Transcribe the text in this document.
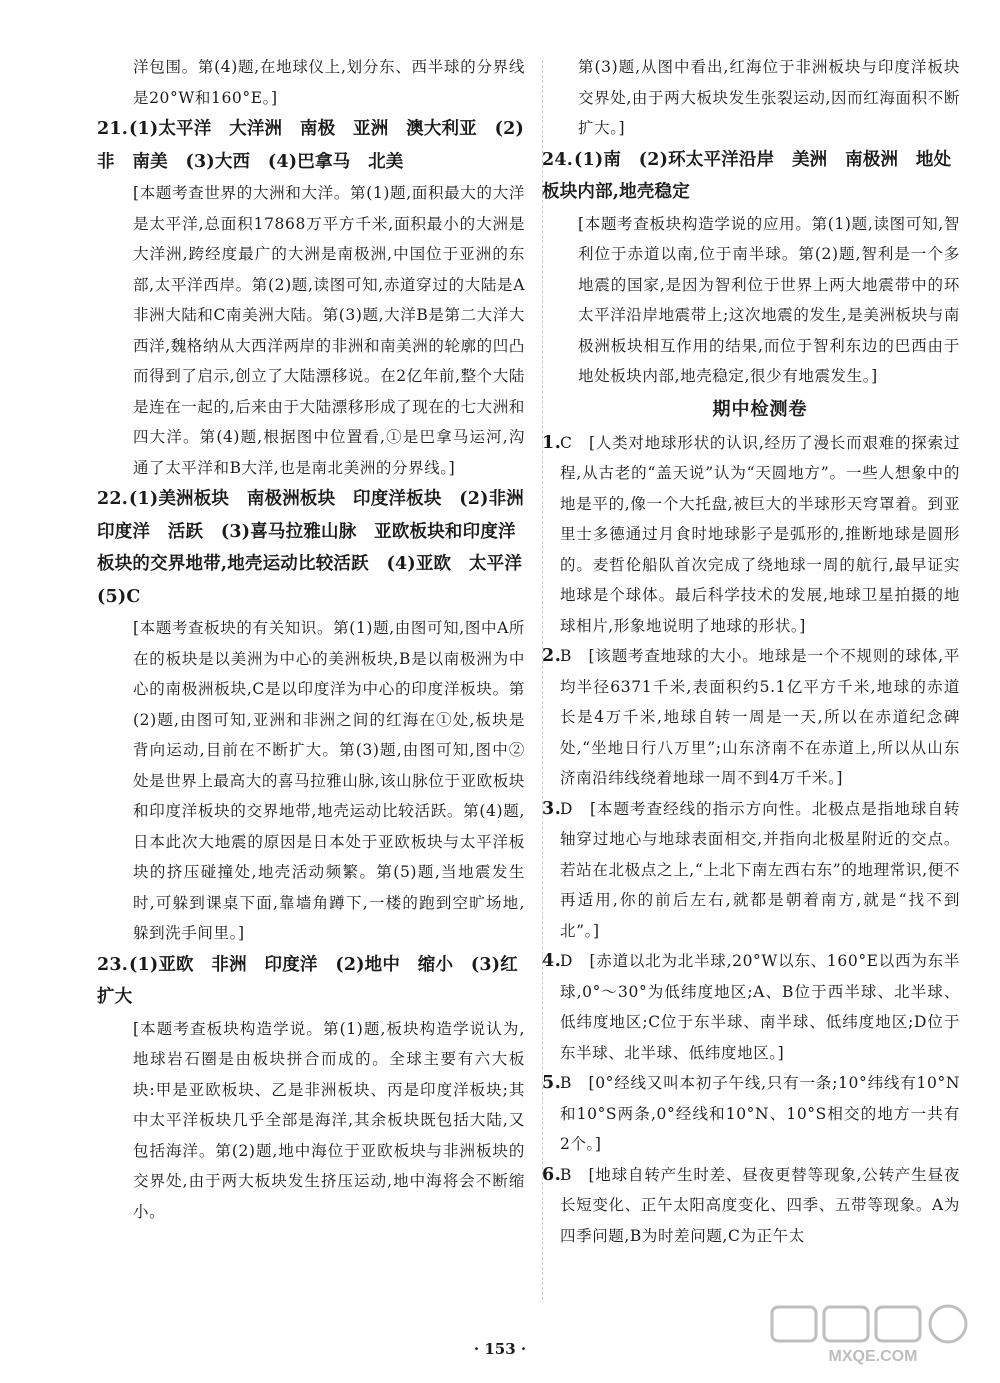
洋包围。第(4)题,在地球仪上,划分东、西半球的分界线是20°W和160°E。]
21. (1)太平洋　大洋洲　南极　亚洲　澳大利亚　(2)非　南美　(3)大西　(4)巴拿马　北美
[本题考查世界的大洲和大洋。第(1)题,面积最大的大洋是太平洋,总面积17868万平方千米,面积最小的大洲是大洋洲,跨经度最广的大洲是南极洲,中国位于亚洲的东部,太平洋西岸。第(2)题,读图可知,赤道穿过的大陆是A非洲大陆和C南美洲大陆。第(3)题,大洋B是第二大洋大西洋,魏格纳从大西洋两岸的非洲和南美洲的轮廓的凹凸而得到了启示,创立了大陆漂移说。在2亿年前,整个大陆是连在一起的,后来由于大陆漂移形成了现在的七大洲和四大洋。第(4)题,根据图中位置看,①是巴拿马运河,沟通了太平洋和B大洋,也是南北美洲的分界线。]
22. (1)美洲板块　南极洲板块　印度洋板块　(2)非洲　印度洋　活跃　(3)喜马拉雅山脉　亚欧板块和印度洋板块的交界地带,地壳运动比较活跃　(4)亚欧　太平洋　(5)C
[本题考查板块的有关知识。第(1)题,由图可知,图中A所在的板块是以美洲为中心的美洲板块,B是以南极洲为中心的南极洲板块,C是以印度洋为中心的印度洋板块。第(2)题,由图可知,亚洲和非洲之间的红海在①处,板块是背向运动,目前在不断扩大。第(3)题,由图可知,图中②处是世界上最高大的喜马拉雅山脉,该山脉位于亚欧板块和印度洋板块的交界地带,地壳运动比较活跃。第(4)题,日本此次大地震的原因是日本处于亚欧板块与太平洋板块的挤压碰撞处,地壳活动频繁。第(5)题,当地震发生时,可躲到课桌下面,靠墙角蹲下,一楼的跑到空旷场地,躲到洗手间里。]
23. (1)亚欧　非洲　印度洋　(2)地中　缩小　(3)红　扩大
[本题考查板块构造学说。第(1)题,板块构造学说认为,地球岩石圈是由板块拼合而成的。全球主要有六大板块:甲是亚欧板块、乙是非洲板块、丙是印度洋板块;其中太平洋板块几乎全部是海洋,其余板块既包括大陆,又包括海洋。第(2)题,地中海位于亚欧板块与非洲板块的交界处,由于两大板块发生挤压运动,地中海将会不断缩小。
第(3)题,从图中看出,红海位于非洲板块与印度洋板块交界处,由于两大板块发生张裂运动,因而红海面积不断扩大。]
24. (1)南　(2)环太平洋沿岸　美洲　南极洲　地处板块内部,地壳稳定
[本题考查板块构造学说的应用。第(1)题,读图可知,智利位于赤道以南,位于南半球。第(2)题,智利是一个多地震的国家,是因为智利位于世界上两大地震带中的环太平洋沿岸地震带上;这次地震的发生,是美洲板块与南极洲板块相互作用的结果,而位于智利东边的巴西由于地处板块内部,地壳稳定,很少有地震发生。]
期中检测卷
1.
C　[人类对地球形状的认识,经历了漫长而艰难的探索过程,从古老的“盖天说”认为“天圆地方”。一些人想象中的地是平的,像一个大托盘,被巨大的半球形天穹罩着。到亚里士多德通过月食时地球影子是弧形的,推断地球是圆形的。麦哲伦船队首次完成了绕地球一周的航行,最早证实地球是个球体。最后科学技术的发展,地球卫星拍摄的地球相片,形象地说明了地球的形状。]
2.
B　[该题考查地球的大小。地球是一个不规则的球体,平均半径6371千米,表面积约5.1亿平方千米,地球的赤道长是4万千米,地球自转一周是一天,所以在赤道纪念碑处,“坐地日行八万里”;山东济南不在赤道上,所以从山东济南沿纬线绕着地球一周不到4万千米。]
3.
D　[本题考查经线的指示方向性。北极点是指地球自转轴穿过地心与地球表面相交,并指向北极星附近的交点。若站在北极点之上,“上北下南左西右东”的地理常识,便不再适用,你的前后左右,就都是朝着南方,就是“找不到北”。]
4.
D　[赤道以北为北半球,20°W以东、160°E以西为东半球,0°～30°为低纬度地区;A、B位于西半球、北半球、低纬度地区;C位于东半球、南半球、低纬度地区;D位于东半球、北半球、低纬度地区。]
5.
B　[0°经线又叫本初子午线,只有一条;10°纬线有10°N和10°S两条,0°经线和10°N、10°S相交的地方一共有2个。]
6.
B　[地球自转产生时差、昼夜更替等现象,公转产生昼夜长短变化、正午太阳高度变化、四季、五带等现象。A为四季问题,B为时差问题,C为正午太
· 153 ·	MXQE.COM
